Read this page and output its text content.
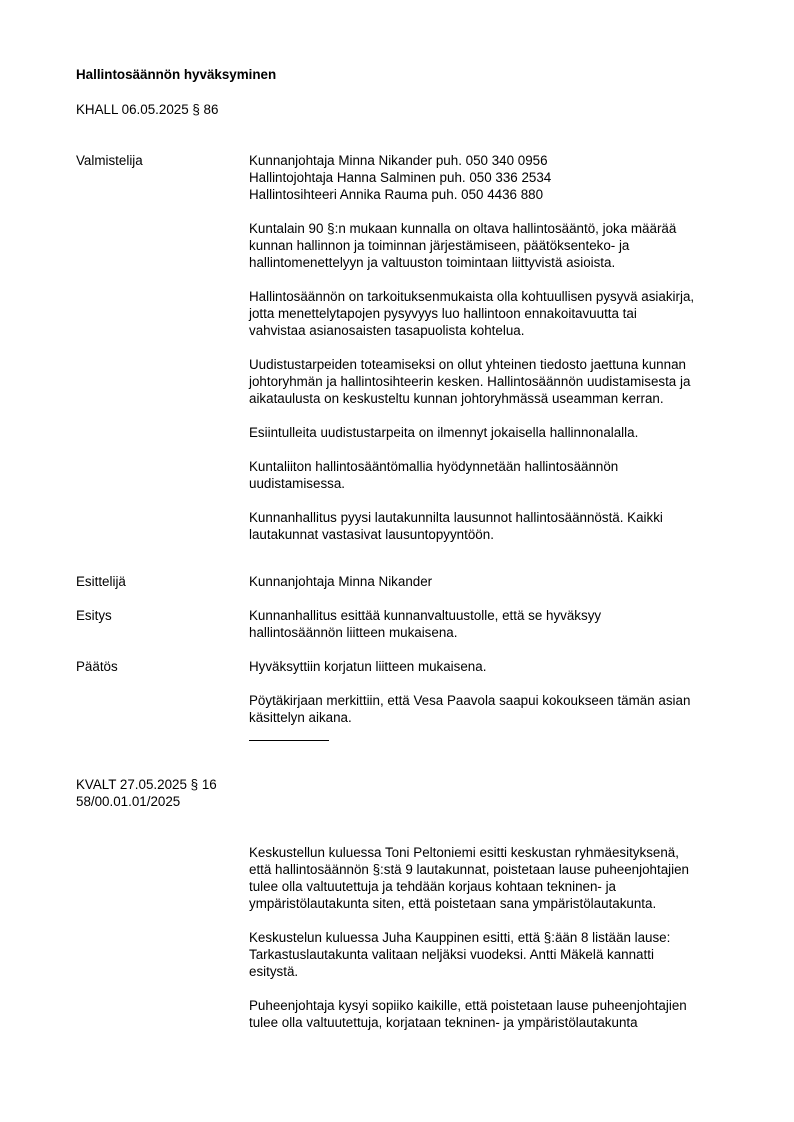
Hallintosäännön hyväksyminen
KHALL 06.05.2025 § 86
Valmistelija	Kunnanjohtaja Minna Nikander puh. 050 340 0956
Hallintojohtaja Hanna Salminen puh. 050 336 2534
Hallintosihteeri Annika Rauma puh. 050 4436 880
Kuntalain 90 §:n mukaan kunnalla on oltava hallintosääntö, joka määrää
kunnan hallinnon ja toiminnan järjestämiseen, päätöksenteko- ja
hallintomenettelyyn ja valtuuston toimintaan liittyvistä asioista.
Hallintosäännön on tarkoituksenmukaista olla kohtuullisen pysyvä asiakirja,
jotta menettelytapojen pysyvyys luo hallintoon ennakoitavuutta tai
vahvistaa asianosaisten tasapuolista kohtelua.
Uudistustarpeiden toteamiseksi on ollut yhteinen tiedosto jaettuna kunnan
johtoryhmän ja hallintosihteerin kesken. Hallintosäännön uudistamisesta ja
aikataulusta on keskusteltu kunnan johtoryhmässä useamman kerran.
Esiintulleita uudistustarpeita on ilmennyt jokaisella hallinnonalalla.
Kuntaliiton hallintosääntömallia hyödynnetään hallintosäännön
uudistamisessa.
Kunnanhallitus pyysi lautakunnilta lausunnot hallintosäännöstä. Kaikki
lautakunnat vastasivat lausuntopyyntöön.
Esittelijä	Kunnanjohtaja Minna Nikander
Esitys	Kunnanhallitus esittää kunnanvaltuustolle, että se hyväksyy
hallintosäännön liitteen mukaisena.
Päätös	Hyväksyttiin korjatun liitteen mukaisena.
Pöytäkirjaan merkittiin, että Vesa Paavola saapui kokoukseen tämän asian
käsittelyn aikana.
KVALT 27.05.2025 § 16
58/00.01.01/2025
Keskustellun kuluessa Toni Peltoniemi esitti keskustan ryhmäesityksenä,
että hallintosäännön §:stä 9 lautakunnat, poistetaan lause puheenjohtajien
tulee olla valtuutettuja ja tehdään korjaus kohtaan tekninen- ja
ympäristölautakunta siten, että poistetaan sana ympäristölautakunta.
Keskustelun kuluessa Juha Kauppinen esitti, että §:ään 8 listään lause:
Tarkastuslautakunta valitaan neljäksi vuodeksi. Antti Mäkelä kannatti
esitystä.
Puheenjohtaja kysyi sopiiko kaikille, että poistetaan lause puheenjohtajien
tulee olla valtuutettuja, korjataan tekninen- ja ympäristölautakunta
